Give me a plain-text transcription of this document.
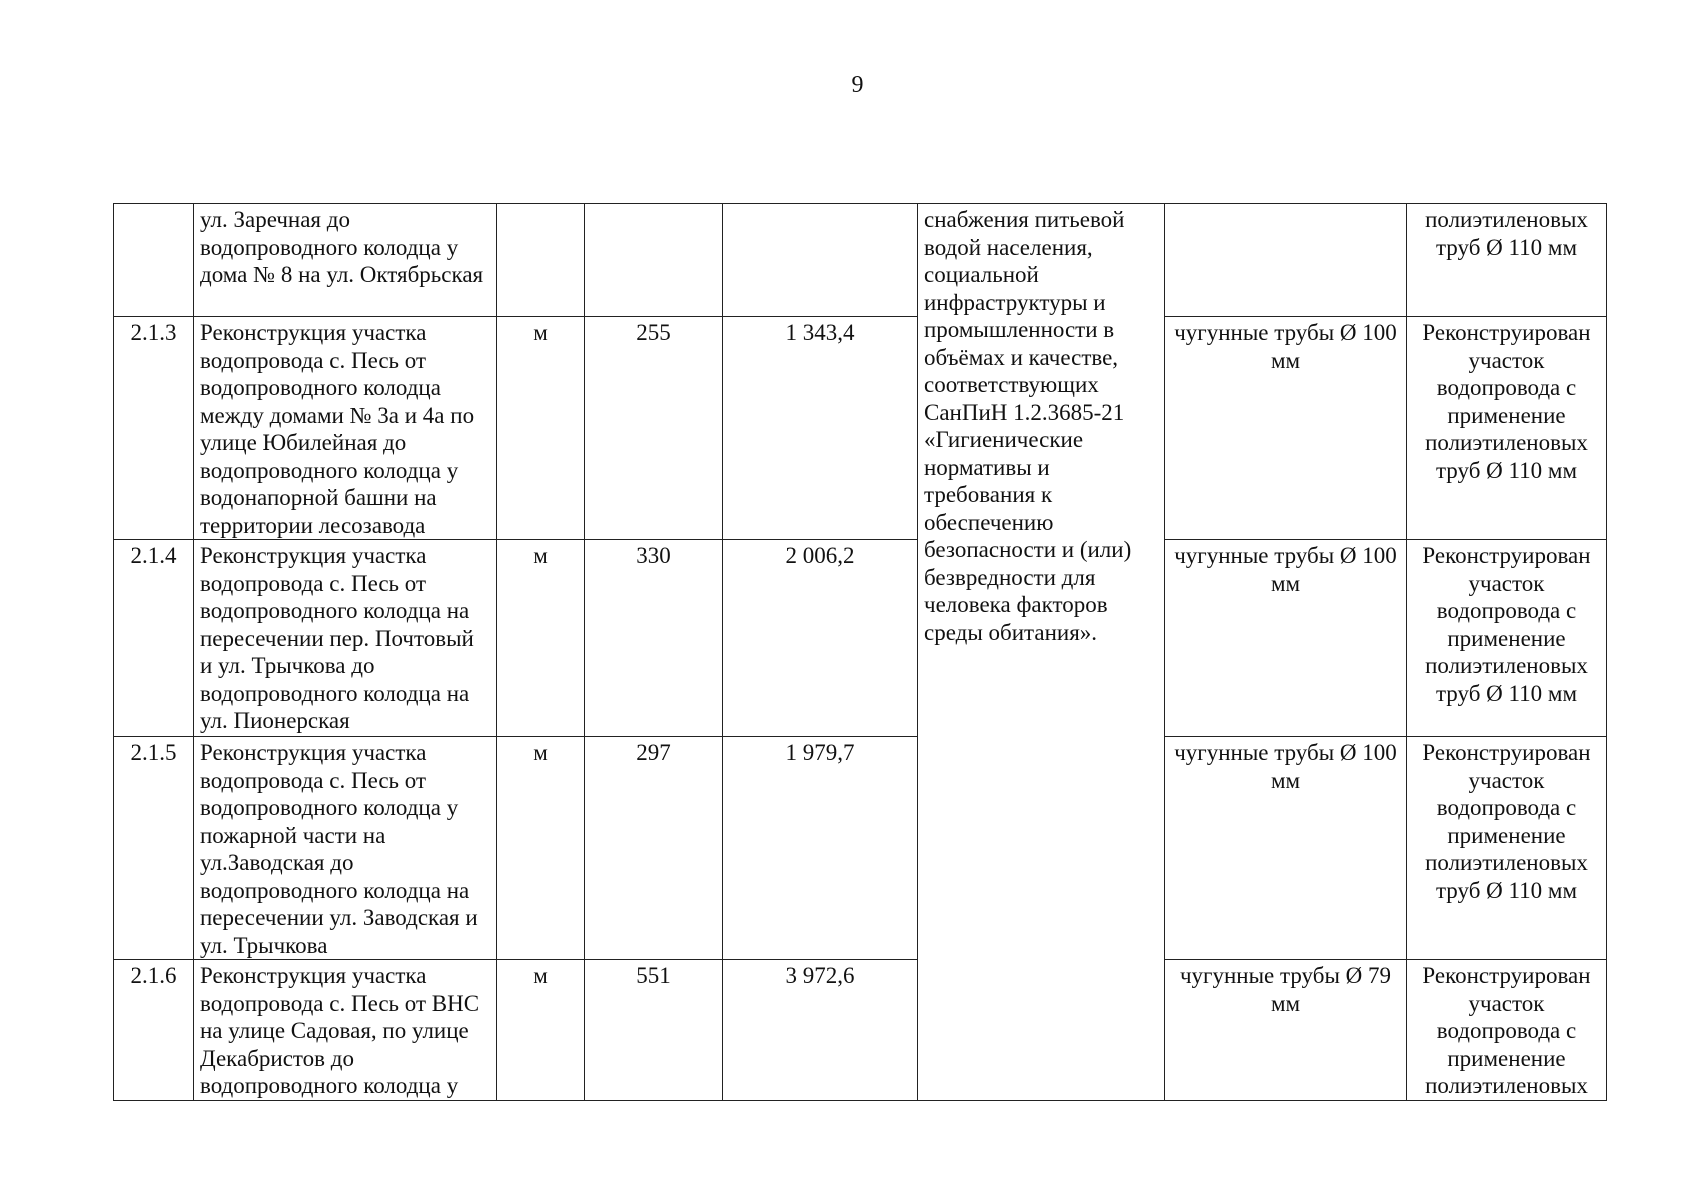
9
	ул. Заречная до водопроводного колодца у дома № 8 на ул. Октябрьская				снабжения питьевой водой населения, социальной инфраструктуры и промышленности в объёмах и качестве, соответствующих СанПиН 1.2.3685-21 «Гигиенические нормативы и требования к обеспечению безопасности и (или) безвредности для человека факторов среды обитания».		полиэтиленовых труб Ø 110 мм
2.1.3	Реконструкция участка водопровода с. Песь от водопроводного колодца между домами № 3а и 4а по улице Юбилейная до водопроводного колодца у водонапорной башни на территории лесозавода	м	255	1 343,4		чугунные трубы Ø 100 мм	Реконструирован участок водопровода с применение полиэтиленовых труб Ø 110 мм
2.1.4	Реконструкция участка водопровода с. Песь от водопроводного колодца на пересечении пер. Почтовый и ул. Трычкова до водопроводного колодца на ул. Пионерская	м	330	2 006,2		чугунные трубы Ø 100 мм	Реконструирован участок водопровода с применение полиэтиленовых труб Ø 110 мм
2.1.5	Реконструкция участка водопровода с. Песь от водопроводного колодца у пожарной части на ул.Заводская до водопроводного колодца на пересечении ул. Заводская и ул. Трычкова	м	297	1 979,7		чугунные трубы Ø 100 мм	Реконструирован участок водопровода с применение полиэтиленовых труб Ø 110 мм
2.1.6	Реконструкция участка водопровода с. Песь от ВНС на улице Садовая, по улице Декабристов до водопроводного колодца у	м	551	3 972,6		чугунные трубы Ø 79 мм	Реконструирован участок водопровода с применение полиэтиленовых
